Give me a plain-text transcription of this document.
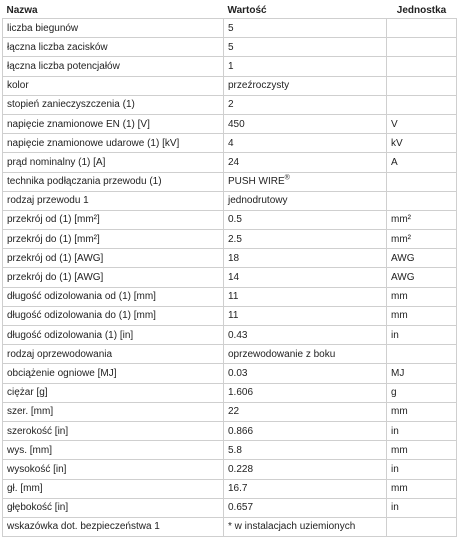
Nazwa	Wartość	Jednostka
liczba biegunów	5	
łączna liczba zacisków	5	
łączna liczba potencjałów	1	
kolor	przeźroczysty	
stopień zanieczyszczenia (1)	2	
napięcie znamionowe EN (1) [V]	450	V
napięcie znamionowe udarowe (1) [kV]	4	kV
prąd nominalny (1) [A]	24	A
technika podłączania przewodu (1)	PUSH WIRE®	
rodzaj przewodu 1	jednodrutowy	
przekrój od (1) [mm²]	0.5	mm²
przekrój do (1) [mm²]	2.5	mm²
przekrój od (1) [AWG]	18	AWG
przekrój do (1) [AWG]	14	AWG
długość odizolowania od (1) [mm]	11	mm
długość odizolowania do (1) [mm]	11	mm
długość odizolowania (1) [in]	0.43	in
rodzaj oprzewodowania	oprzewodowanie z boku	
obciążenie ogniowe [MJ]	0.03	MJ
ciężar [g]	1.606	g
szer. [mm]	22	mm
szerokość [in]	0.866	in
wys. [mm]	5.8	mm
wysokość [in]	0.228	in
gł. [mm]	16.7	mm
głębokość [in]	0.657	in
wskazówka dot. bezpieczeństwa 1	* w instalacjach uziemionych	
